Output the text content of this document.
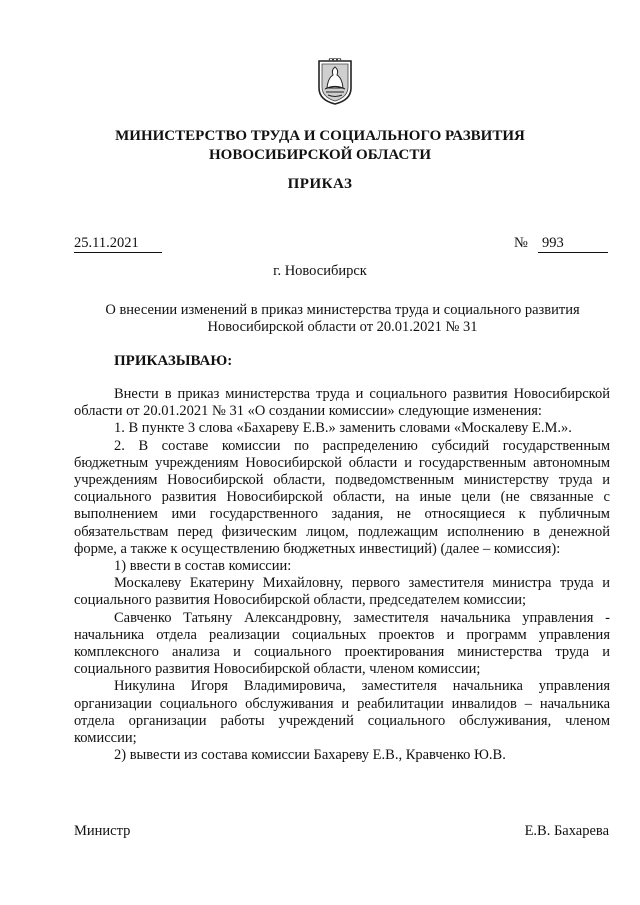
МИНИСТЕРСТВО ТРУДА И СОЦИАЛЬНОГО РАЗВИТИЯ
НОВОСИБИРСКОЙ ОБЛАСТИ
ПРИКАЗ
25.11.2021	№ 993
г. Новосибирск
О внесении изменений в приказ министерства труда и социального развития
Новосибирской области от 20.01.2021 № 31
ПРИКАЗЫВАЮ:

Внести в приказ министерства труда и социального развития Новосибирской области от 20.01.2021 № 31 «О создании комиссии» следующие изменения:

1. В пункте 3 слова «Бахареву Е.В.» заменить словами «Москалеву Е.М.».

2. В составе комиссии по распределению субсидий государственным бюджетным учреждениям Новосибирской области и государственным автономным учреждениям Новосибирской области, подведомственным министерству труда и социального развития Новосибирской области, на иные цели (не связанные с выполнением ими государственного задания, не относящиеся к публичным обязательствам перед физическим лицом, подлежащим исполнению в денежной форме, а также к осуществлению бюджетных инвестиций) (далее – комиссия):

1) ввести в состав комиссии:

Москалеву Екатерину Михайловну, первого заместителя министра труда и социального развития Новосибирской области, председателем комиссии;

Савченко Татьяну Александровну, заместителя начальника управления - начальника отдела реализации социальных проектов и программ управления комплексного анализа и социального проектирования министерства труда и социального развития Новосибирской области, членом комиссии;

Никулина Игоря Владимировича, заместителя начальника управления организации социального обслуживания и реабилитации инвалидов – начальника отдела организации работы учреждений социального обслуживания, членом комиссии;

2) вывести из состава комиссии Бахареву Е.В., Кравченко Ю.В.

Министр	Е.В. Бахарева
